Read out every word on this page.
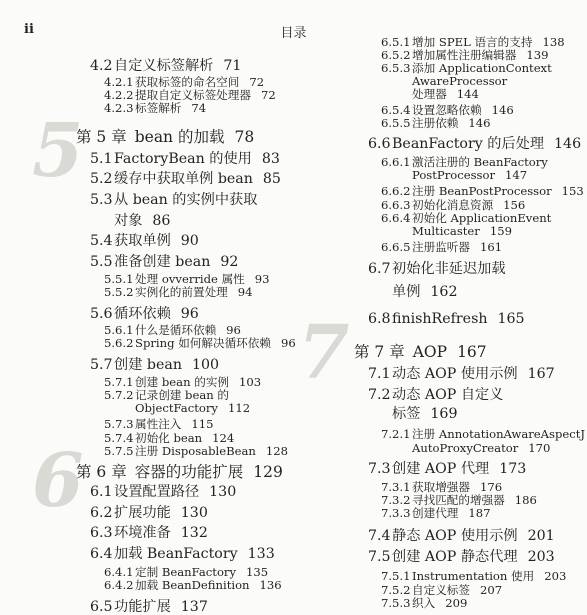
ii	目录
5
6
7
4.2自定义标签解析 71
4.2.1 获取标签的命名空间 72
4.2.2 提取自定义标签处理器 72
4.2.3 标签解析 74
第 5 章 bean 的加载 78
5.1FactoryBean 的使用 83
5.2缓存中获取单例 bean 85
5.3从 bean 的实例中获取
对象 86
5.4获取单例 90
5.5准备创建 bean 92
5.5.1 处理 ovverride 属性 93
5.5.2 实例化的前置处理 94
5.6循环依赖 96
5.6.1 什么是循环依赖 96
5.6.2 Spring 如何解决循环依赖 96
5.7创建 bean 100
5.7.1 创建 bean 的实例 103
5.7.2 记录创建 bean 的
ObjectFactory 112
5.7.3 属性注入 115
5.7.4 初始化 bean 124
5.7.5 注册 DisposableBean 128
第 6 章 容器的功能扩展 129
6.1设置配置路径 130
6.2扩展功能 130
6.3环境准备 132
6.4加载 BeanFactory 133
6.4.1 定制 BeanFactory 135
6.4.2 加载 BeanDefinition 136
6.5功能扩展 137
6.5.1 增加 SPEL 语言的支持 138
6.5.2 增加属性注册编辑器 139
6.5.3 添加 ApplicationContext
AwareProcessor
处理器 144
6.5.4 设置忽略依赖 146
6.5.5 注册依赖 146
6.6BeanFactory 的后处理 146
6.6.1 激活注册的 BeanFactory
PostProcessor 147
6.6.2 注册 BeanPostProcessor 153
6.6.3 初始化消息资源 156
6.6.4 初始化 ApplicationEvent
Multicaster 159
6.6.5 注册监听器 161
6.7初始化非延迟加载
单例 162
6.8finishRefresh 165
第 7 章 AOP 167
7.1动态 AOP 使用示例 167
7.2动态 AOP 自定义
标签 169
7.2.1 注册 AnnotationAwareAspectJ
AutoProxyCreator 170
7.3创建 AOP 代理 173
7.3.1 获取增强器 176
7.3.2 寻找匹配的增强器 186
7.3.3 创建代理 187
7.4静态 AOP 使用示例 201
7.5创建 AOP 静态代理 203
7.5.1 Instrumentation 使用 203
7.5.2 自定义标签 207
7.5.3 织入 209
